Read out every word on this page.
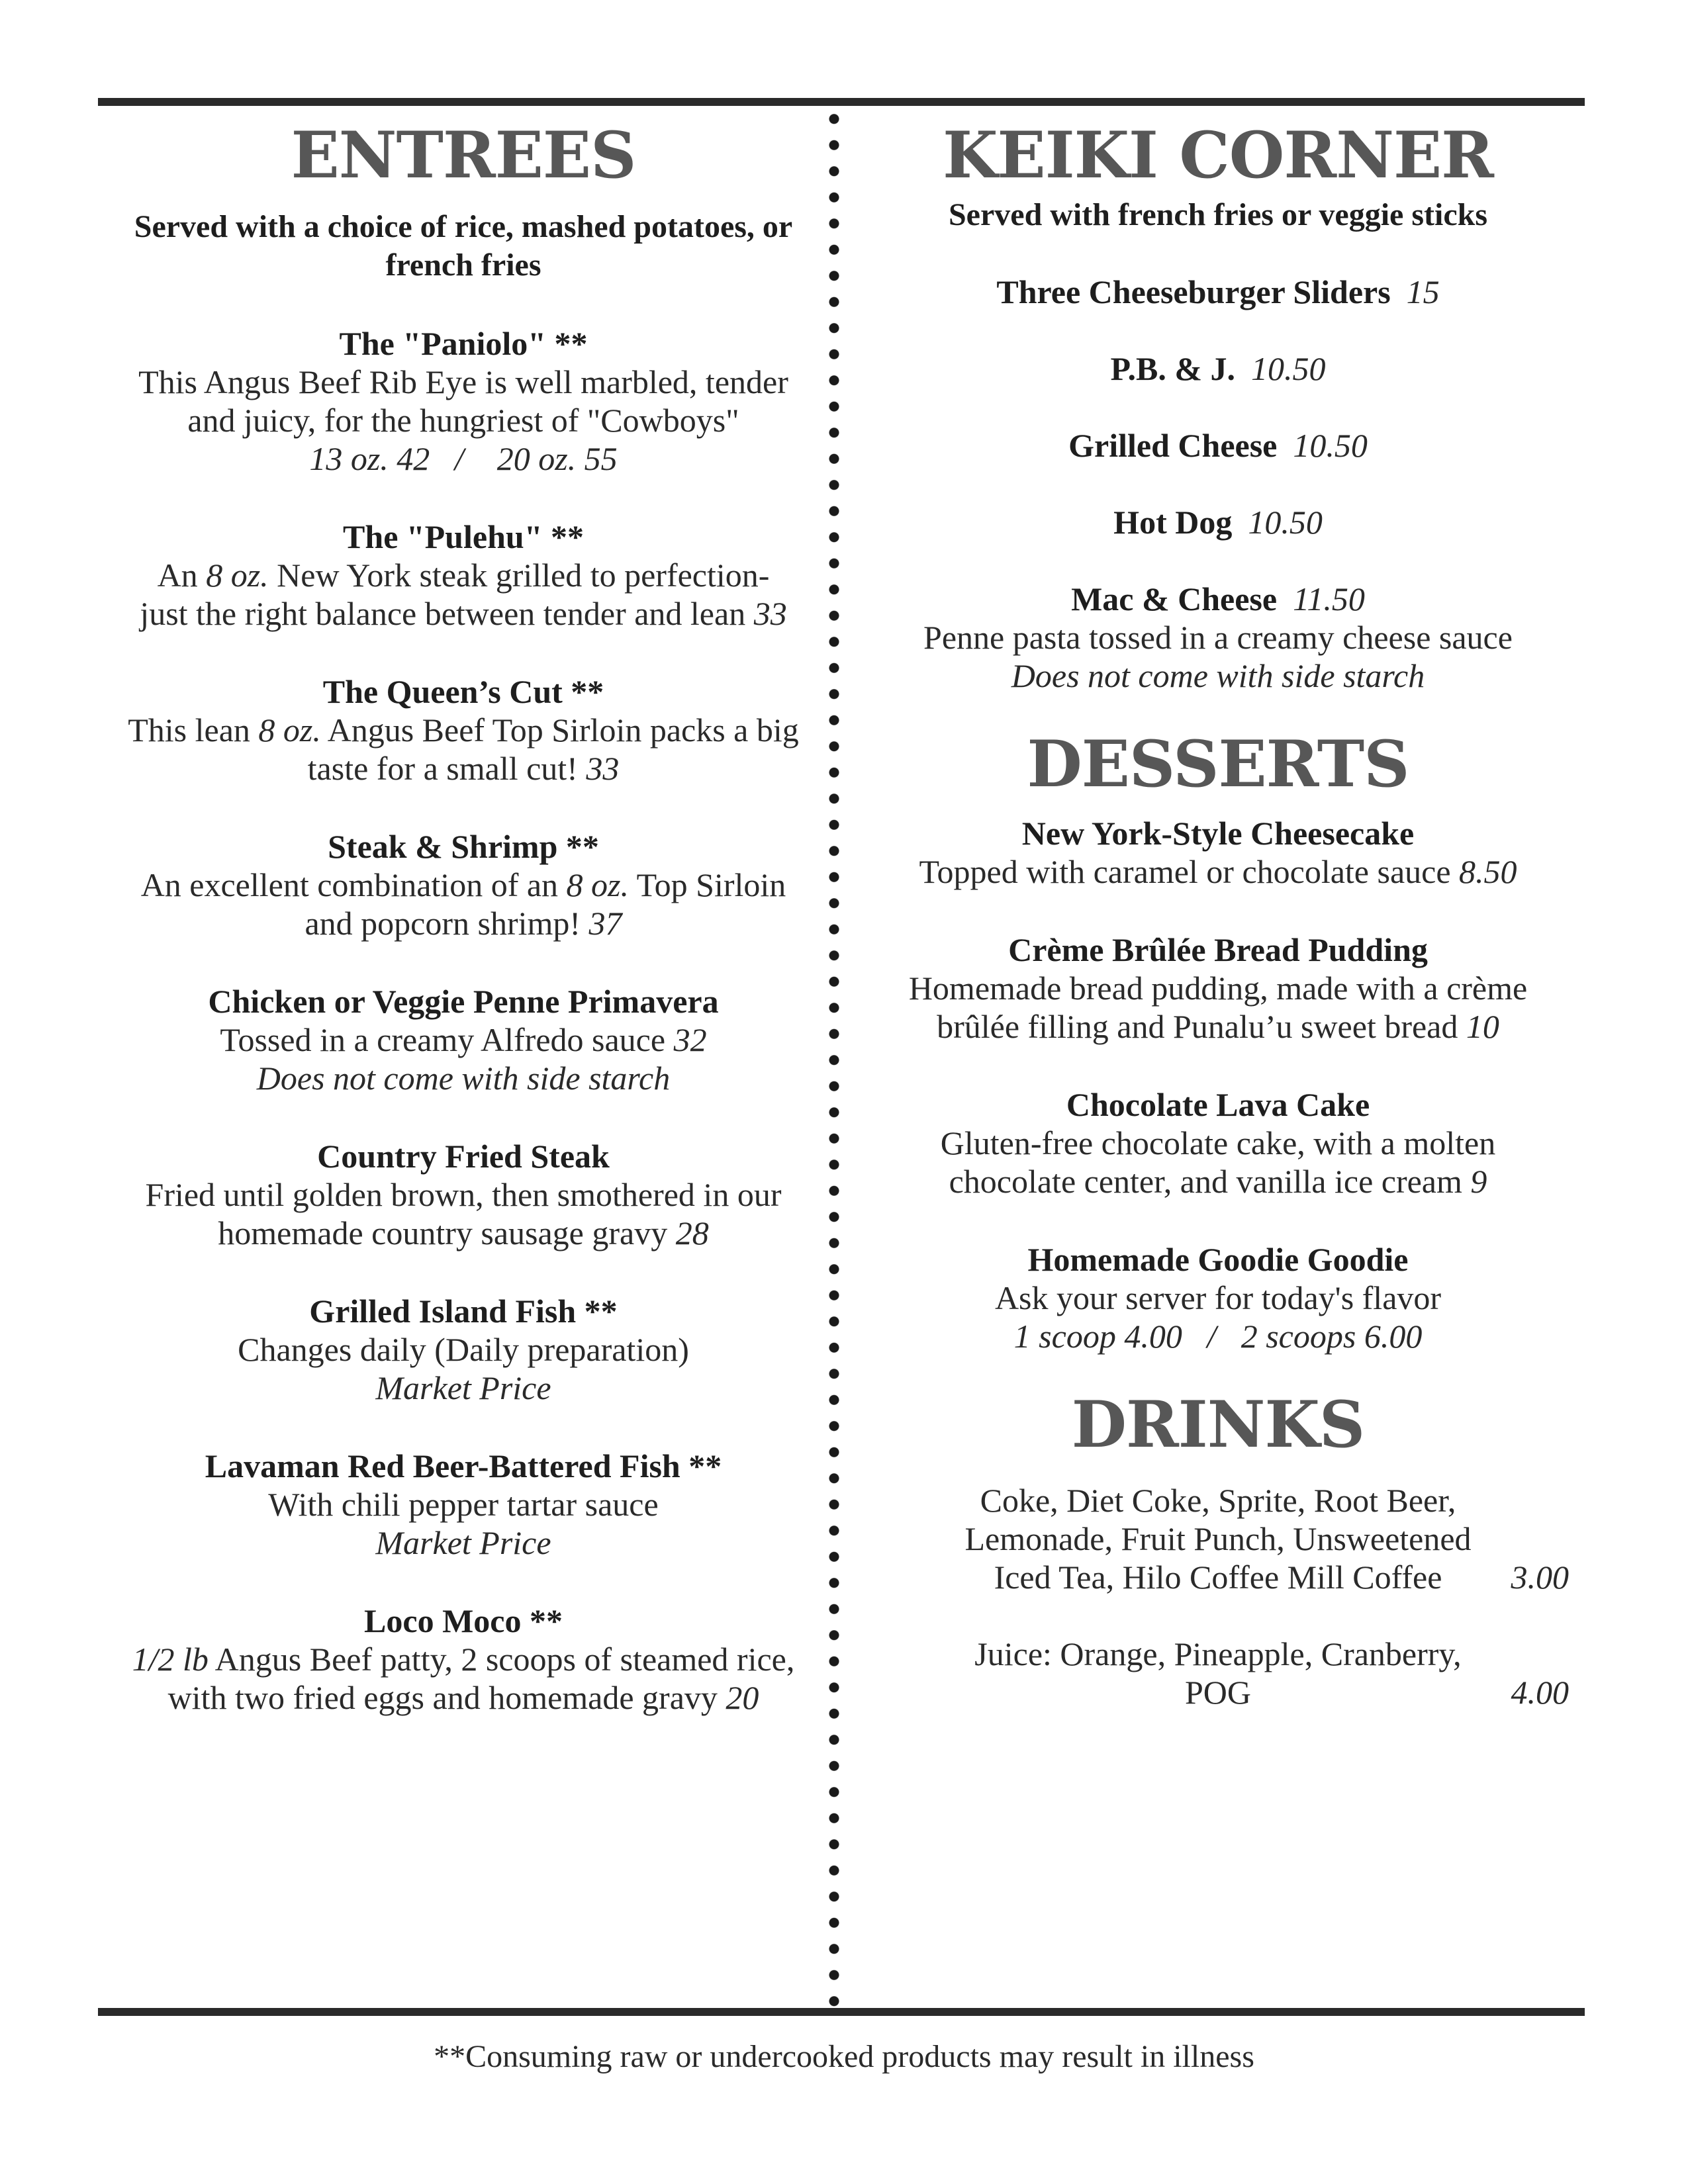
ENTREES
Served with a choice of rice, mashed potatoes, or french fries
The "Paniolo" **
This Angus Beef Rib Eye is well marbled, tender
and juicy, for the hungriest of "Cowboys"
13 oz. 42   /    20 oz. 55
The "Pulehu" **
An 8 oz. New York steak grilled to perfection-
just the right balance between tender and lean 33
The Queen’s Cut **
This lean 8 oz. Angus Beef Top Sirloin packs a big
taste for a small cut! 33
Steak & Shrimp **
An excellent combination of an 8 oz. Top Sirloin
and popcorn shrimp! 37
Chicken or Veggie Penne Primavera
Tossed in a creamy Alfredo sauce 32
Does not come with side starch
Country Fried Steak
Fried until golden brown, then smothered in our
homemade country sausage gravy 28
Grilled Island Fish **
Changes daily (Daily preparation)
Market Price
Lavaman Red Beer-Battered Fish **
With chili pepper tartar sauce
Market Price
Loco Moco **
1/2 lb Angus Beef patty, 2 scoops of steamed rice,
with two fried eggs and homemade gravy 20
KEIKI CORNER
Served with french fries or veggie sticks
Three Cheeseburger Sliders 15
P.B. & J. 10.50
Grilled Cheese 10.50
Hot Dog 10.50
Mac & Cheese 11.50
Penne pasta tossed in a creamy cheese sauce
Does not come with side starch
DESSERTS
New York-Style Cheesecake
Topped with caramel or chocolate sauce 8.50
Crème Brûlée Bread Pudding
Homemade bread pudding, made with a crème
brûlée filling and Punalu’u sweet bread 10
Chocolate Lava Cake
Gluten-free chocolate cake, with a molten
chocolate center, and vanilla ice cream 9
Homemade Goodie Goodie
Ask your server for today's flavor
1 scoop 4.00   /   2 scoops 6.00
DRINKS
Coke, Diet Coke, Sprite, Root Beer,
Lemonade, Fruit Punch, Unsweetened
Iced Tea, Hilo Coffee Mill Coffee 3.00
Juice: Orange, Pineapple, Cranberry,
POG	4.00
**Consuming raw or undercooked products may result in illness
